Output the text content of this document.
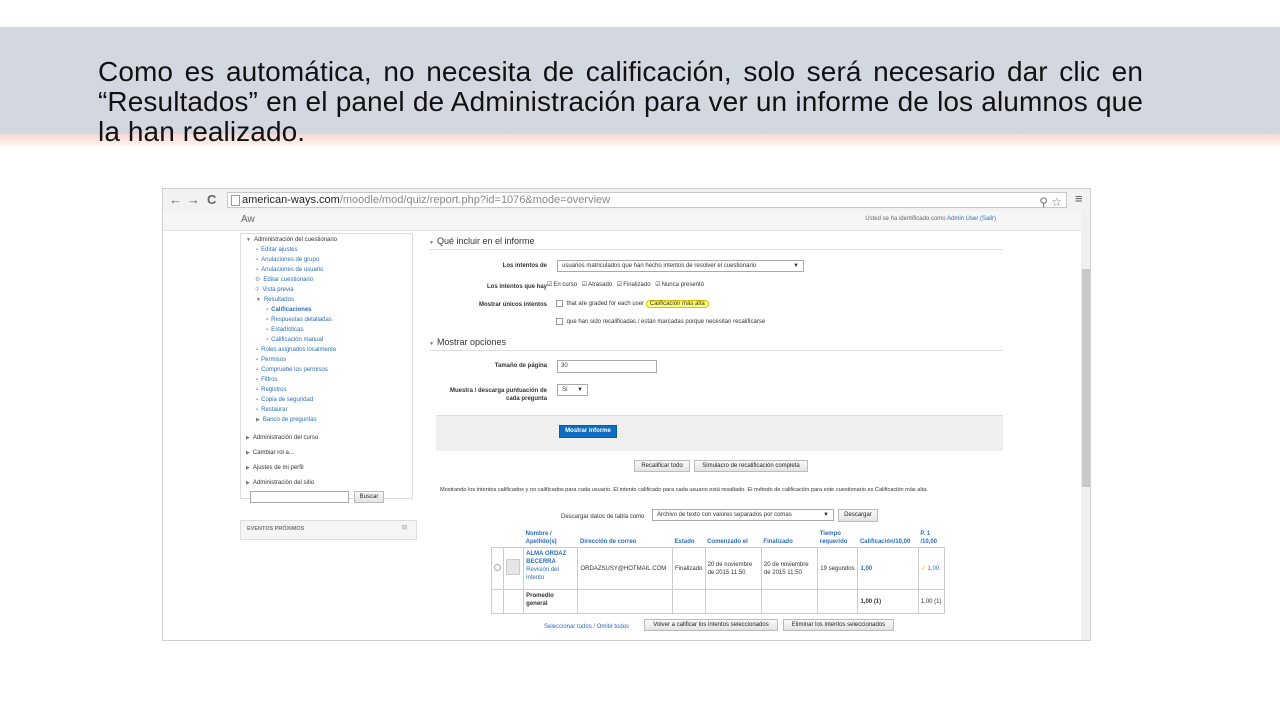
Como es automática, no necesita de calificación, solo será necesario dar clic en “Resultados” en el panel de Administración para ver un informe de los alumnos que la han realizado.
← → C	american-ways.com/moodle/mod/quiz/report.php?id=1076&mode=overview	⚲ ☆ ≡
Aw	Usted se ha identificado como Admin User (Salir)
▼ Administración del cuestionario
▪ Editar ajustes
▪ Anulaciones de grupo
▪ Anulaciones de usuario
⚙ Editar cuestionario
⚲ Vista previa
▼ Resultados
▪ Calificaciones
▪ Respuestas detalladas
▪ Estadísticas
▪ Calificación manual
▪ Roles asignados localmente
▪ Permisos
▪ Compruebe los permisos
▪ Filtros
▪ Registros
▪ Copia de seguridad
▪ Restaurar
▶ Banco de preguntas
▶ Administración del curso
▶ Cambiar rol a...
▶ Ajustes de mi perfil
▶ Administración del sitio
Buscar
EVENTOS PRÓXIMOS	⊟
▼ Qué incluir en el informe
Los intentos de	usuarios matriculados que han hecho intentos de resolver el cuestionario	▼
Los intentos que hay ☑En curso ☑Atrasado ☑Finalizado ☑Nunca presentó
Mostrar únicos intentos	that are graded for each user Calificación más alta
que han sido recalificadas / están marcadas porque necesitan recalificarse
▼ Mostrar opciones
Tamaño de página	30
Muestra / descarga puntuación de
cada pregunta
Sí ▼
Mostrar informe
Recalificar todo	Simulacro de recalificación completa
Mostrando los intentos calificados y no calificados para cada usuario. El intento calificado para cada usuario está resaltado. El método de calificación para este cuestionario es Calificación más alta.
Descargar datos de tabla como	Archivo de texto con valores separados por comas	▼	Descargar
		Nombre / Apellido(s)	Dirección de correo	Estado	Comenzado el	Finalizado	Tiempo requerido	Calificación/10,00	P. 1 /10,00
		ALMA ORDAZ BECERRA
Revisión del intento	ORDAZSUSY@HOTMAIL.COM	Finalizado	20 de noviembre de 2015 11:50	20 de noviembre de 2015 11:50	19 segundos	1,00	✓ 1,00
		Promedio general						1,00 (1)	1,00 (1)
Seleccionar todos / Omitir todos	Volver a calificar los intentos seleccionados	Eliminar los intentos seleccionados
